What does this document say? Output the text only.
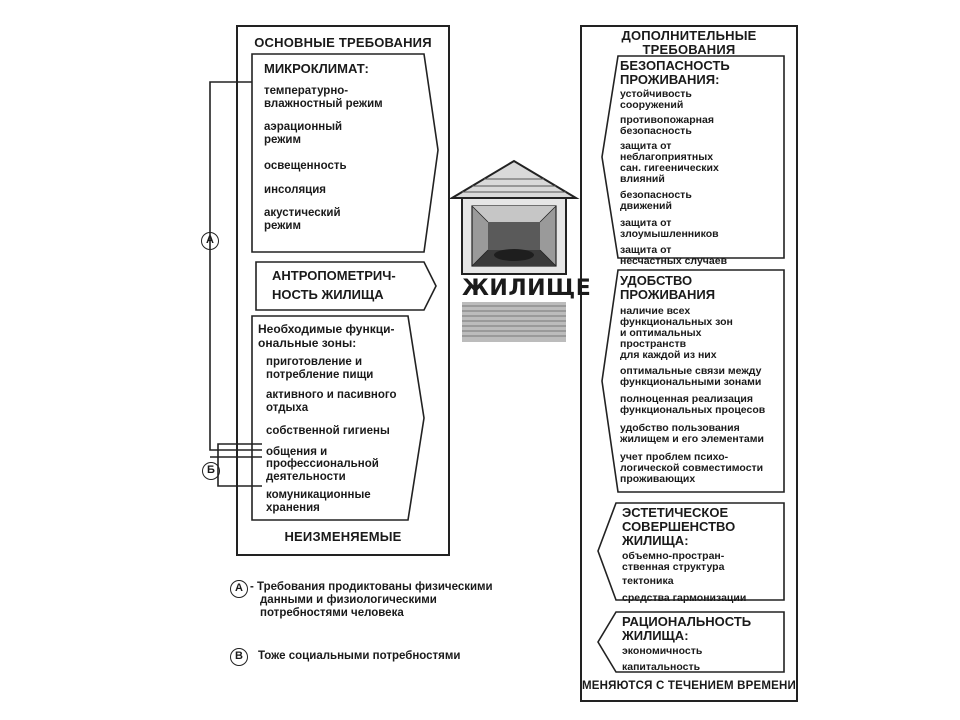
ОСНОВНЫЕ ТРЕБОВАНИЯ
НЕИЗМЕНЯЕМЫЕ
МИКРОКЛИМАТ:
температурно-
влажностный режим
аэрационный
режим
освещенность
инсоляция
акустический
режим
АНТРОПОМЕТРИЧ-
НОСТЬ ЖИЛИЩА
Необходимые функци-
ональные зоны:
приготовление и
потребление пищи
активного и пасивного
отдыха
собственной гигиены
общения и
профессиональной
деятельности
комуникационные
хранения
А
Б
ЖИЛИЩЕ
ДОПОЛНИТЕЛЬНЫЕ
ТРЕБОВАНИЯ
МЕНЯЮТСЯ С ТЕЧЕНИЕМ ВРЕМЕНИ
БЕЗОПАСНОСТЬ
ПРОЖИВАНИЯ:
устойчивость
сооружений
противопожарная
безопасность
защита от
неблагоприятных
сан. гигеенических
влияний
безопасность
движений
защита от
злоумышленников
защита от
несчастных случаев
УДОБСТВО
ПРОЖИВАНИЯ
наличие всех
функциональных зон
и оптимальных
пространств
для каждой из них
оптимальные связи между
функциональными зонами
полноценная реализация
функциональных процесов
удобство пользования
жилищем и его элементами
учет проблем психо-
логической совместимости
проживающих
ЭСТЕТИЧЕСКОЕ
СОВЕРШЕНСТВО
ЖИЛИЩА:
объемно-простран-
ственная структура
тектоника
средства гармонизации
РАЦИОНАЛЬНОСТЬ
ЖИЛИЩА:
экономичность
капитальность
А - Требования продиктованы физическими
данными и физиологическими
потребностями человека
В	Тоже социальными потребностями
